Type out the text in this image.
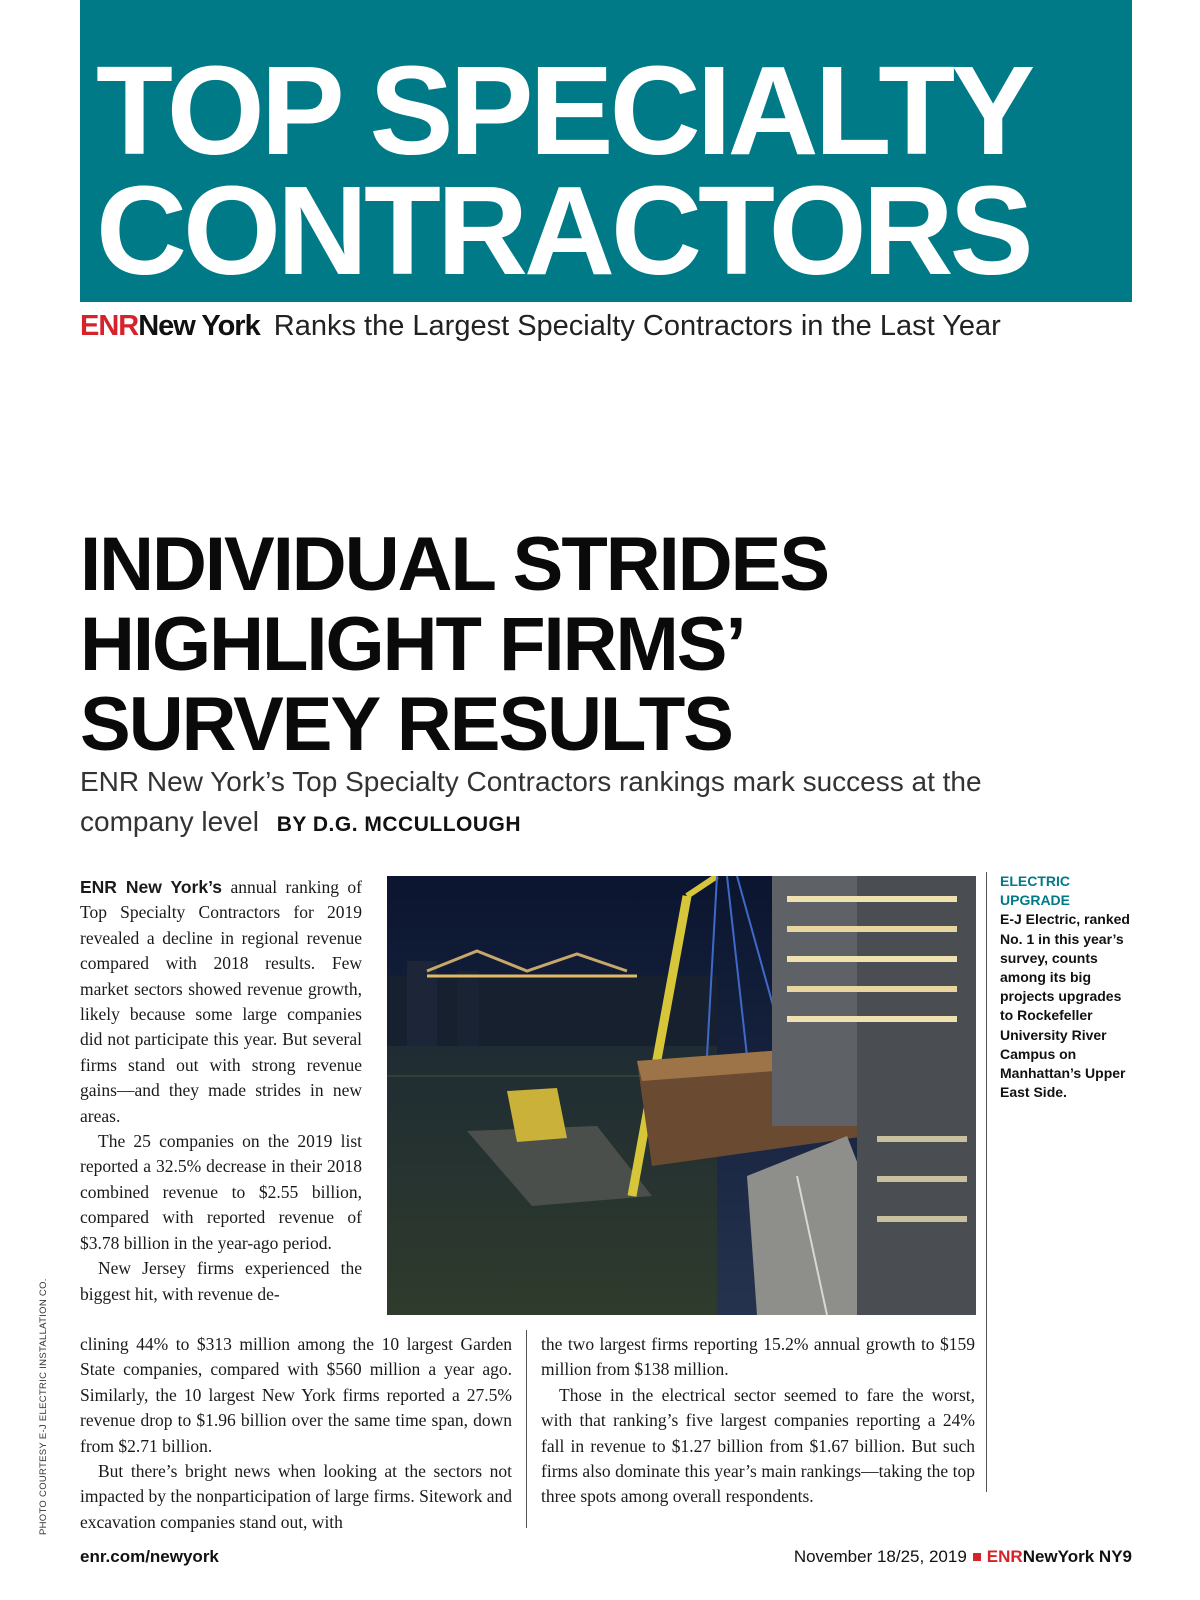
TOP SPECIALTY
CONTRACTORS
ENRNew York Ranks the Largest Specialty Contractors in the Last Year
INDIVIDUAL STRIDES
HIGHLIGHT FIRMS’
SURVEY RESULTS
ENR New York’s Top Specialty Contractors rankings mark success at the company level BY D.G. MCCULLOUGH

ENR New York’s annual ranking of Top Specialty Contractors for 2019 revealed a decline in regional revenue compared with 2018 results. Few market sectors showed revenue growth, likely because some large companies did not participate this year. But several firms stand out with strong revenue gains—and they made strides in new areas.

The 25 companies on the 2019 list reported a 32.5% decrease in their 2018 combined revenue to $2.55 billion, compared with reported revenue of $3.78 billion in the year-ago period.

New Jersey firms experienced the biggest hit, with revenue de-

clining 44% to $313 million among the 10 largest Garden State companies, compared with $560 million a year ago. Similarly, the 10 largest New York firms reported a 27.5% revenue drop to $1.96 billion over the same time span, down from $2.71 billion.

But there’s bright news when looking at the sectors not impacted by the nonparticipation of large firms. Sitework and excavation companies stand out, with

the two largest firms reporting 15.2% annual growth to $159 million from $138 million.

Those in the electrical sector seemed to fare the worst, with that ranking’s five largest companies reporting a 24% fall in revenue to $1.27 billion from $1.67 billion. But such firms also dominate this year’s main rankings—taking the top three spots among overall respondents.

ELECTRIC UPGRADE
E-J Electric, ranked No. 1 in this year’s survey, counts among its big projects upgrades to Rockefeller University River Campus on Manhattan’s Upper East Side.
PHOTO COURTESY E-J ELECTRIC INSTALLATION CO.
enr.com/newyork	November 18/25, 2019 ENRNewYork NY9
